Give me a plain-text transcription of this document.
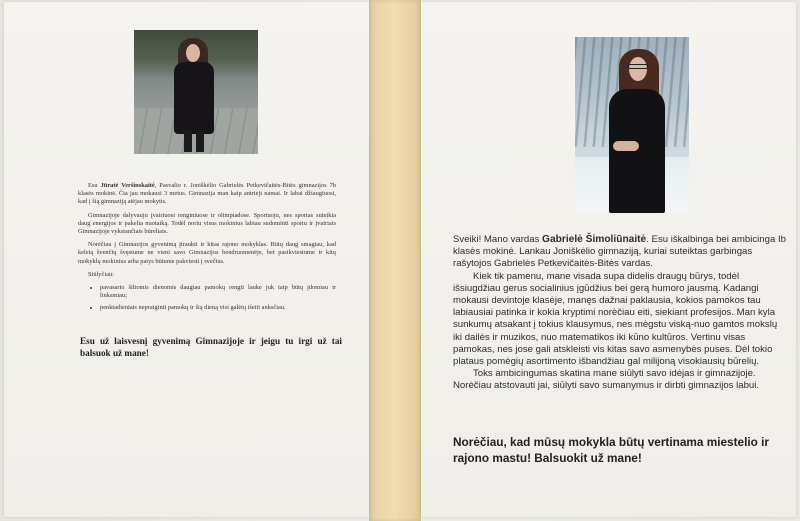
Esu Jūratė Veršinskaitė, Pasvalio r. Joniškėlio Gabrielės Petkevičaitės-Bitės gimnazijos 7b klasės mokinė. Čia jau mokausi 3 metus. Gimnazija man kaip antrieji namai. Ir labai džiaugiuosi, kad į šią gimnaziją atėjau mokytis.

Gimnazijoje dalyvauju įvairiuosi renginiuose ir olimpiadose. Sportuoju, nes sportas suteikia daug energijos ir pakelia nuotaiką. Todėl noriu visus mokinius labiau sudominti sportu ir įvairiais Gimnazijoje vykstančiais būreliais.

Norėčiau į Gimnazijos gyvenimą įtraukti ir kitas rajono mokyklas. Būtų daug smagiau, kad keletą švenčių švęstume ne vieni savo Gimnazijos bendruomenėje, bet pasikviestume ir kitų mokyklų mokinius arba patys būtume pakviesti į svečius.

Siūlyčiau:

• pavasario šiltomis dienomis daugiau pamokų rengti lauke juk taip būtų įdomiau ir linksmiau;
• penktadieniais nepraiginti pamokų ir šią dieną visi galėtų išeiti anksčiau.
Esu už laisvesnį gyvenimą Gimnazijoje ir jeigu tu irgi už tai balsuok už mane!

Sveiki! Mano vardas Gabrielė Šimoliūnaitė. Esu iškalbinga bei ambicinga Ib klasės mokinė. Lankau Joniškėlio gimnaziją, kuriai suteiktas garbingas rašytojos Gabrielės Petkevičaitės-Bitės vardas.

Kiek tik pamenu, mane visada supa didelis draugų būrys, todėl išsiugdžiau gerus socialinius įgūdžius bei gerą humoro jausmą. Kadangi mokausi devintoje klasėje, manęs dažnai paklausia, kokios pamokos tau labiausiai patinka ir kokia kryptimi norėčiau eiti, siekiant profesijos. Man kyla sunkumų atsakant į tokius klausymus, nes mėgstu viską-nuo gamtos mokslų iki dailės ir muzikos, nuo matematikos iki kūno kultūros. Vertinu visas pamokas, nes jose gali atskleisti vis kitas savo asmenybės puses. Dėl tokio plataus pomėgių asortimento išbandžiau gal milijoną visokiausių būrelių.

Toks ambicingumas skatina mane siūlyti savo idėjas ir gimnazijoje. Norėčiau atstovauti jai, siūlyti savo sumanymus ir dirbti gimnazijos labui.

Norėčiau, kad mūsų mokykla būtų vertinama miestelio ir rajono mastu! Balsuokit už mane!
